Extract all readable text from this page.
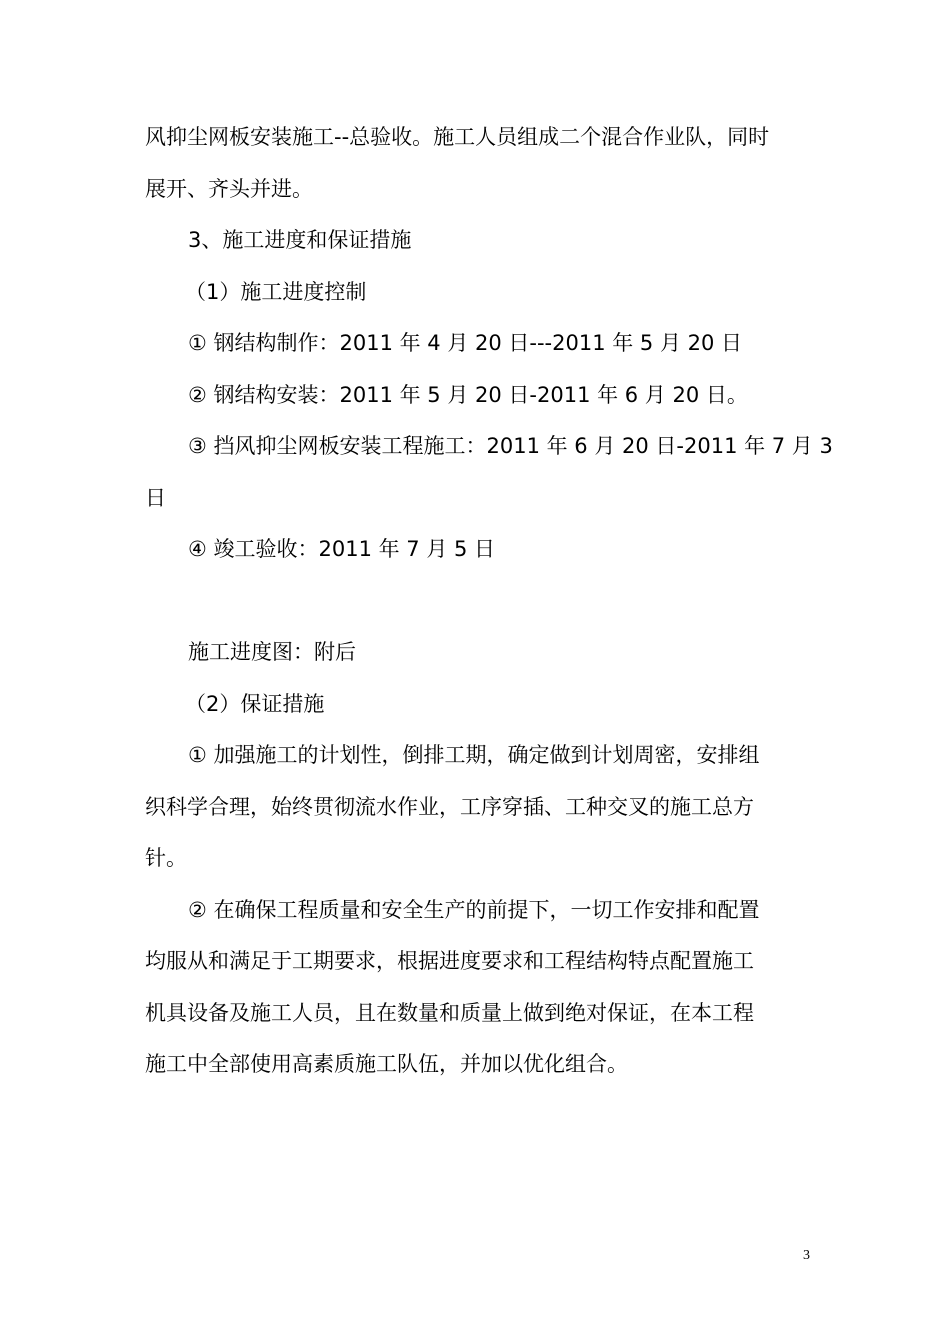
风抑尘网板安装施工--总验收。施工人员组成二个混合作业队，同时
展开、齐头并进。
3、施工进度和保证措施
（1）施工进度控制
① 钢结构制作：2011 年 4 月 20 日---2011 年 5 月 20 日
② 钢结构安装：2011 年 5 月 20 日-2011 年 6 月 20 日。
③ 挡风抑尘网板安装工程施工：2011 年 6 月 20 日-2011 年 7 月 3
日
④ 竣工验收：2011 年 7 月 5 日
施工进度图：附后
（2）保证措施
① 加强施工的计划性，倒排工期，确定做到计划周密，安排组
织科学合理，始终贯彻流水作业，工序穿插、工种交叉的施工总方
针。
② 在确保工程质量和安全生产的前提下，一切工作安排和配置
均服从和满足于工期要求，根据进度要求和工程结构特点配置施工
机具设备及施工人员，且在数量和质量上做到绝对保证，在本工程
施工中全部使用高素质施工队伍，并加以优化组合。
3
